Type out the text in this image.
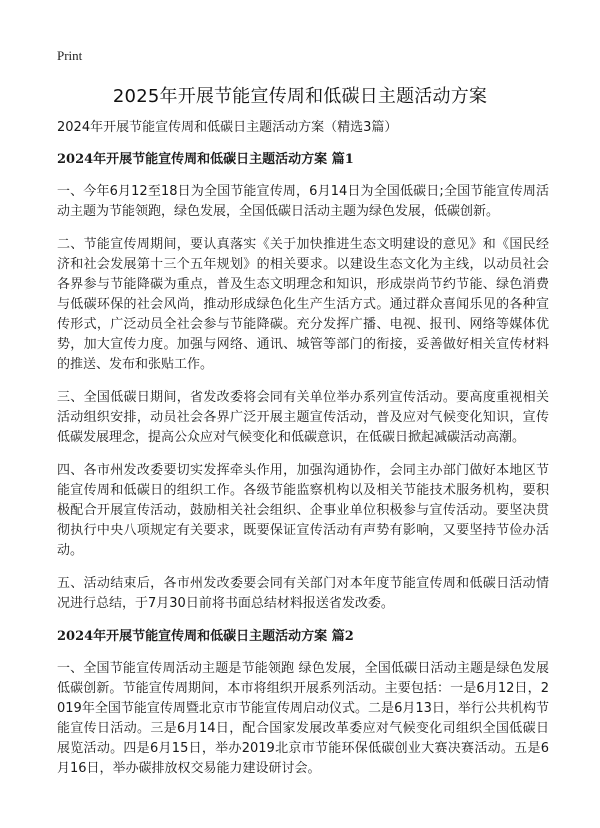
Print
2025年开展节能宣传周和低碳日主题活动方案
2024年开展节能宣传周和低碳日主题活动方案（精选3篇）
2024年开展节能宣传周和低碳日主题活动方案 篇1

一、今年6月12至18日为全国节能宣传周，6月14日为全国低碳日;全国节能宣传周活动主题为节能领跑，绿色发展，全国低碳日活动主题为绿色发展，低碳创新。

二、节能宣传周期间，要认真落实《关于加快推进生态文明建设的意见》和《国民经济和社会发展第十三个五年规划》的相关要求。以建设生态文化为主线，以动员社会各界参与节能降碳为重点，普及生态文明理念和知识，形成崇尚节约节能、绿色消费与低碳环保的社会风尚，推动形成绿色化生产生活方式。通过群众喜闻乐见的各种宣传形式，广泛动员全社会参与节能降碳。充分发挥广播、电视、报刊、网络等媒体优势，加大宣传力度。加强与网络、通讯、城管等部门的衔接，妥善做好相关宣传材料的推送、发布和张贴工作。

三、全国低碳日期间，省发改委将会同有关单位举办系列宣传活动。要高度重视相关活动组织安排，动员社会各界广泛开展主题宣传活动，普及应对气候变化知识，宣传低碳发展理念，提高公众应对气候变化和低碳意识，在低碳日掀起减碳活动高潮。

四、各市州发改委要切实发挥牵头作用，加强沟通协作，会同主办部门做好本地区节能宣传周和低碳日的组织工作。各级节能监察机构以及相关节能技术服务机构，要积极配合开展宣传活动，鼓励相关社会组织、企事业单位积极参与宣传活动。要坚决贯彻执行中央八项规定有关要求，既要保证宣传活动有声势有影响，又要坚持节俭办活动。

五、活动结束后，各市州发改委要会同有关部门对本年度节能宣传周和低碳日活动情况进行总结，于7月30日前将书面总结材料报送省发改委。

2024年开展节能宣传周和低碳日主题活动方案 篇2

一、全国节能宣传周活动主题是节能领跑 绿色发展，全国低碳日活动主题是绿色发展 低碳创新。节能宣传周期间，本市将组织开展系列活动。主要包括：一是6月12日，2019年全国节能宣传周暨北京市节能宣传周启动仪式。二是6月13日，举行公共机构节能宣传日活动。三是6月14日，配合国家发展改革委应对气候变化司组织全国低碳日展览活动。四是6月15日，举办2019北京市节能环保低碳创业大赛决赛活动。五是6月16日，举办碳排放权交易能力建设研讨会。
